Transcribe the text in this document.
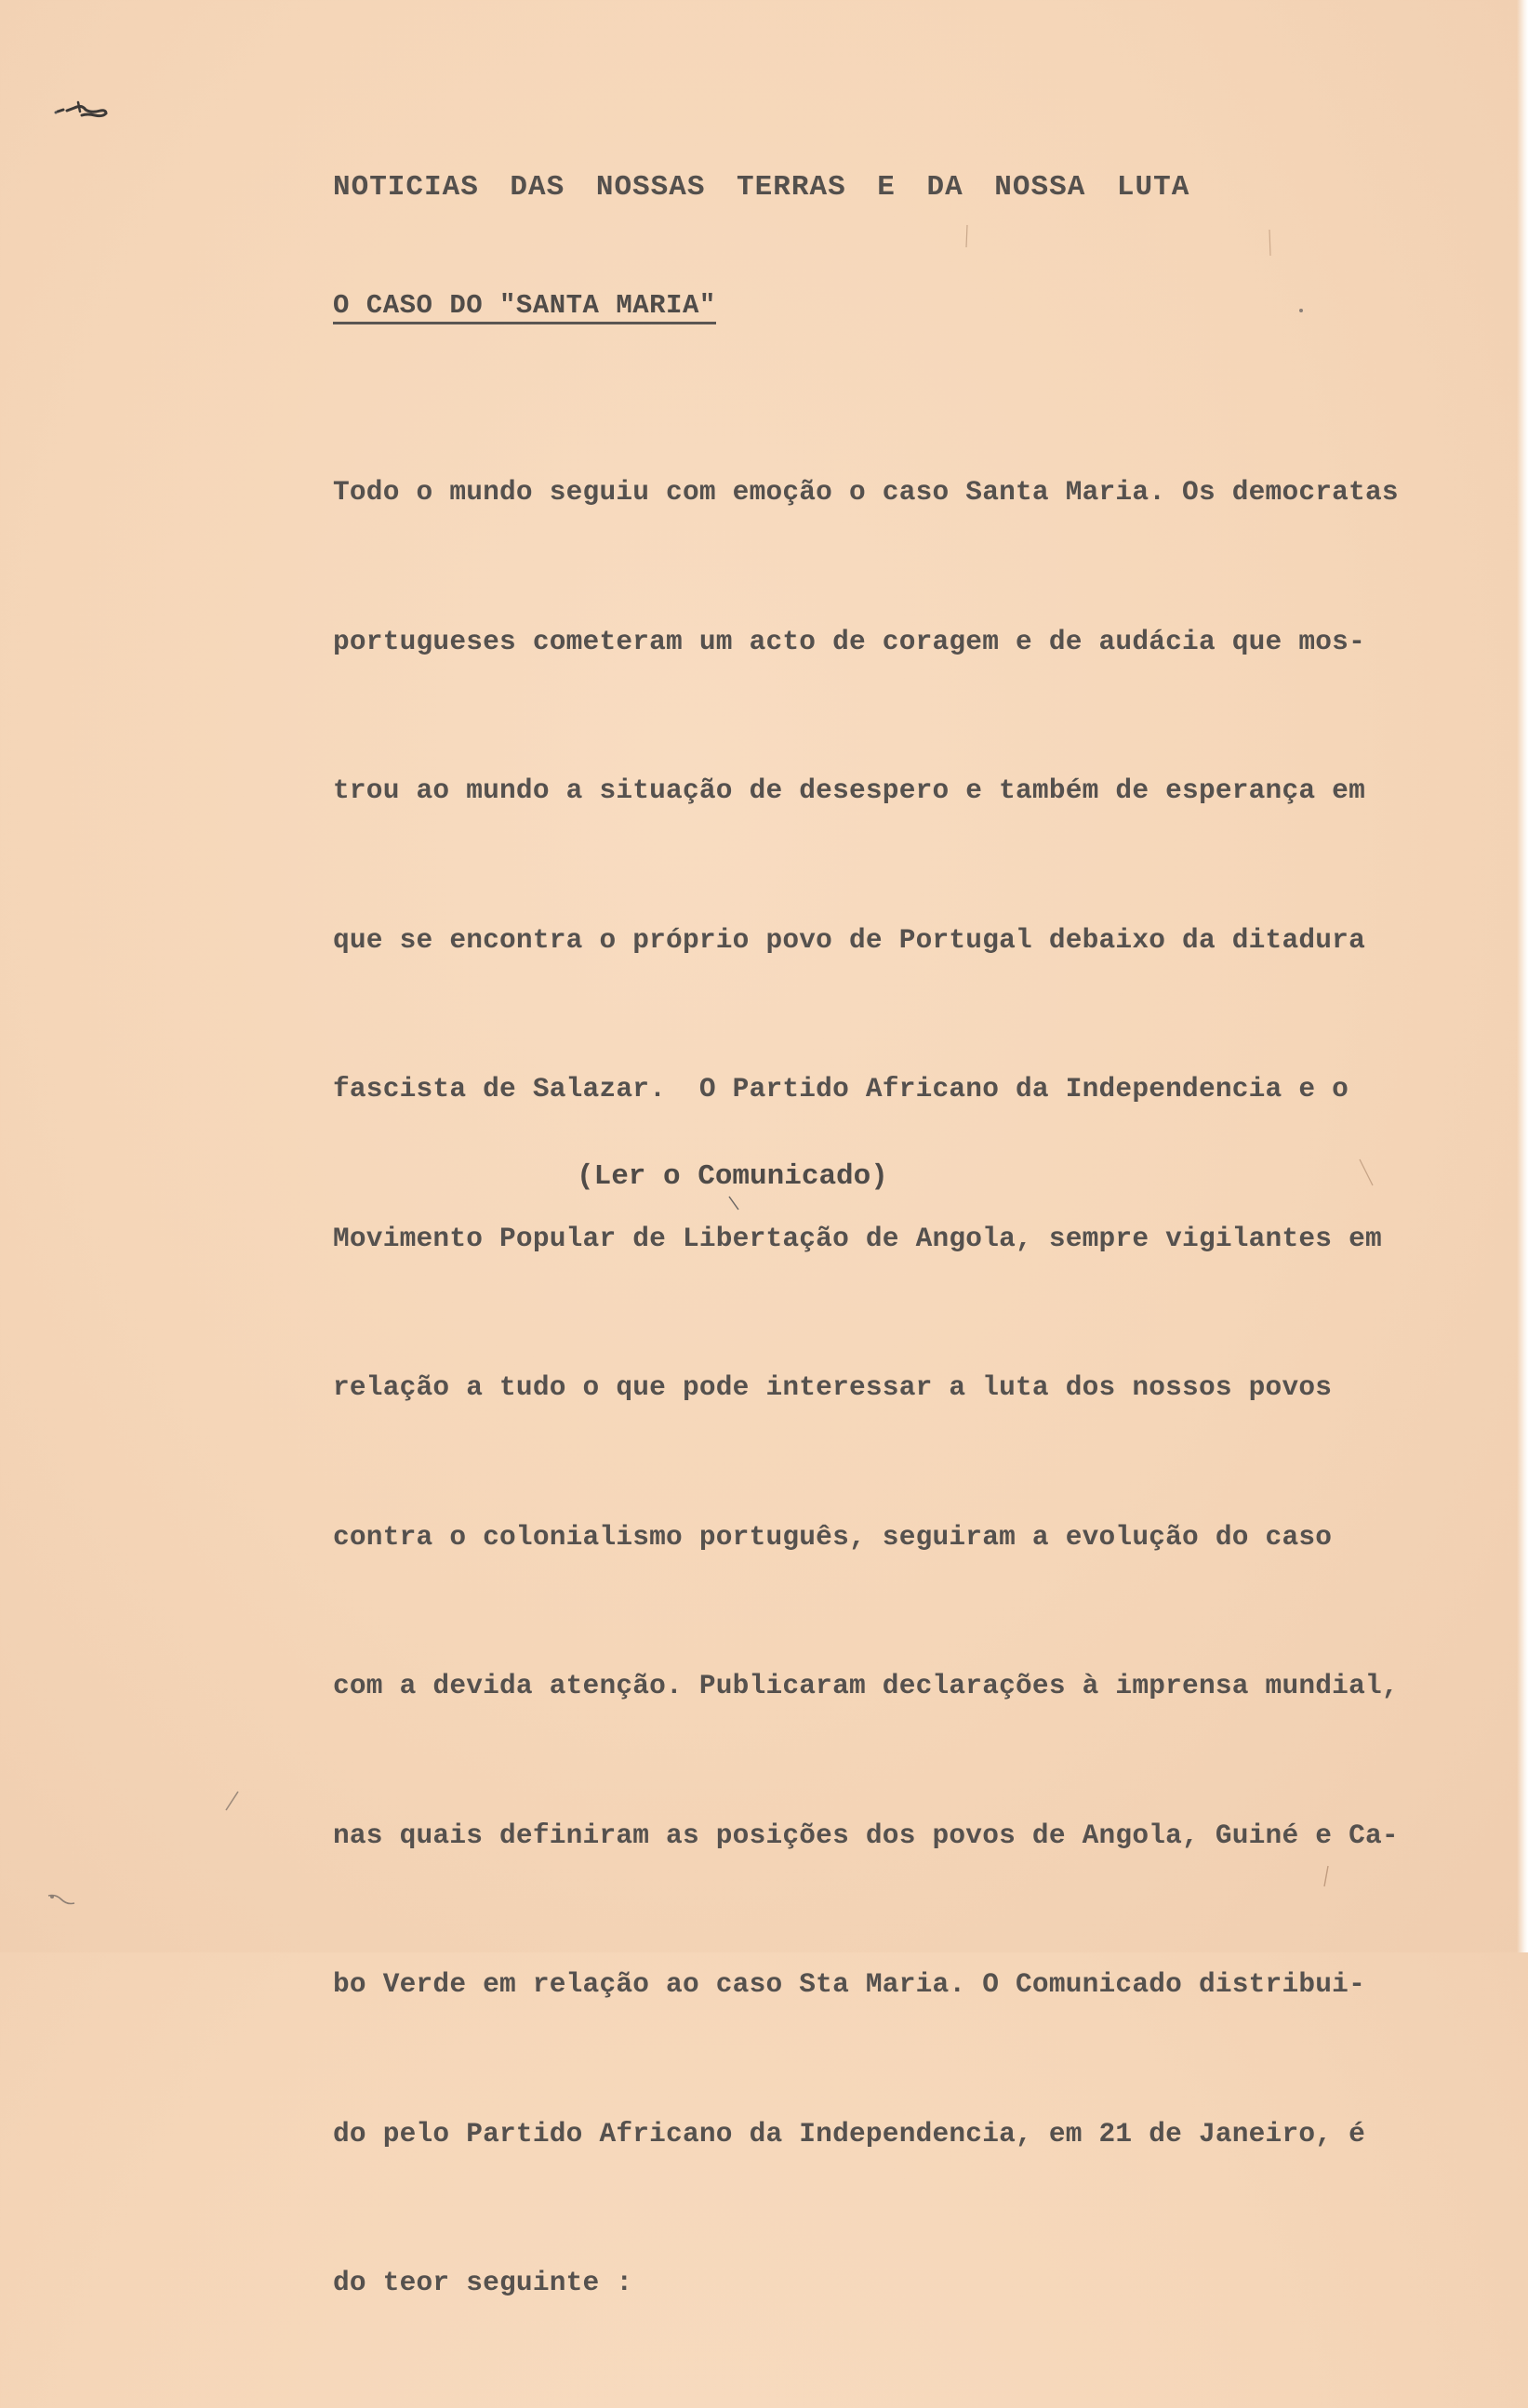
NOTICIAS DAS NOSSAS TERRAS E DA NOSSA LUTA
O CASO DO "SANTA MARIA"

Todo o mundo seguiu com emoção o caso Santa Maria. Os democratas

portugueses cometeram um acto de coragem e de audácia que mos-

trou ao mundo a situação de desespero e também de esperança em

que se encontra o próprio povo de Portugal debaixo da ditadura

fascista de Salazar.  O Partido Africano da Independencia e o

Movimento Popular de Libertação de Angola, sempre vigilantes em

relação a tudo o que pode interessar a luta dos nossos povos

contra o colonialismo português, seguiram a evolução do caso

com a devida atenção. Publicaram declarações à imprensa mundial,

nas quais definiram as posições dos povos de Angola, Guiné e Ca-

bo Verde em relação ao caso Sta Maria. O Comunicado distribui-

do pelo Partido Africano da Independencia, em 21 de Janeiro, é

do teor seguinte :

(Ler o Comunicado)
